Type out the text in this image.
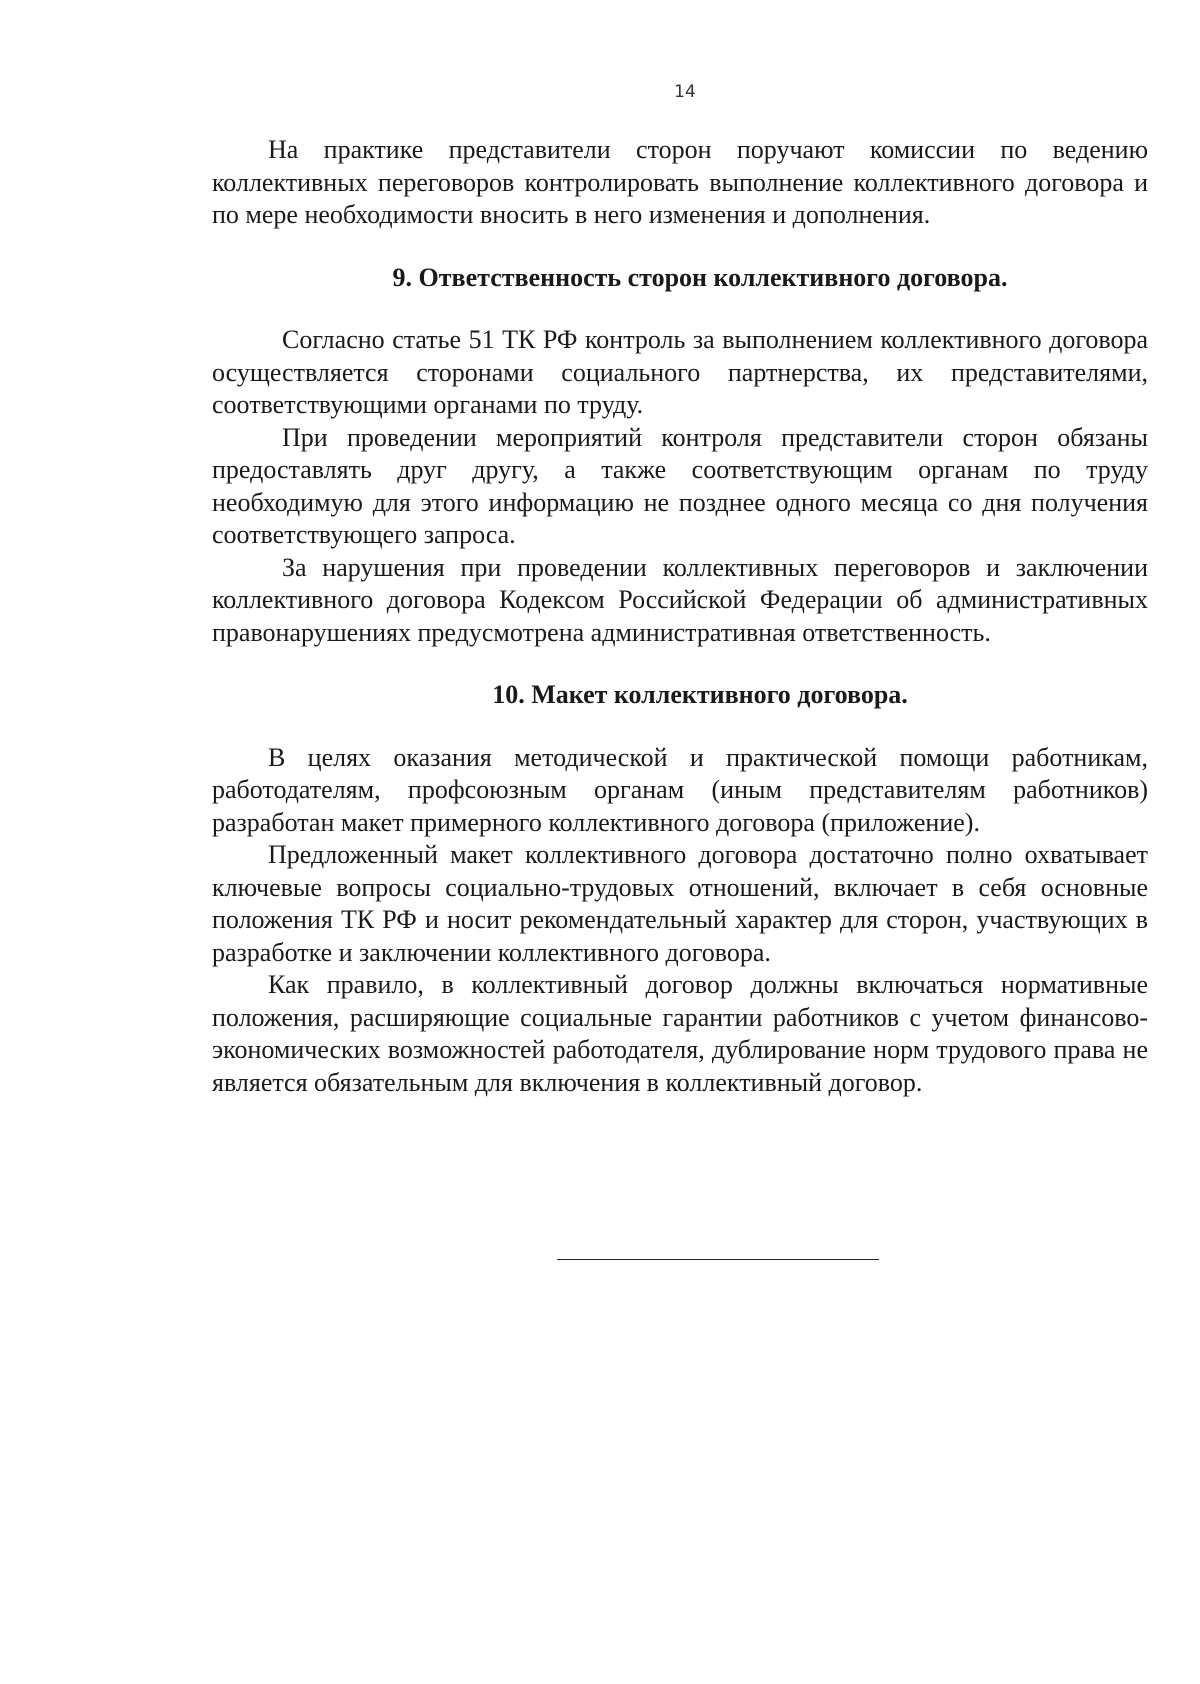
14

На практике представители сторон поручают комиссии по ведению коллективных переговоров контролировать выполнение коллективного договора и по мере необходимости вносить в него изменения и дополнения.

9. Ответственность сторон коллективного договора.

Согласно статье 51 ТК РФ контроль за выполнением коллективного договора осуществляется сторонами социального партнерства, их представителями, соответствующими органами по труду.

При проведении мероприятий контроля представители сторон обязаны предоставлять друг другу, а также соответствующим органам по труду необходимую для этого информацию не позднее одного месяца со дня получения соответствующего запроса.

За нарушения при проведении коллективных переговоров и заключении коллективного договора Кодексом Российской Федерации об административных правонарушениях предусмотрена административная ответственность.

10. Макет коллективного договора.

В целях оказания методической и практической помощи работникам, работодателям, профсоюзным органам (иным представителям работников) разработан макет примерного коллективного договора (приложение).

Предложенный макет коллективного договора достаточно полно охватывает ключевые вопросы социально-трудовых отношений, включает в себя основные положения ТК РФ и носит рекомендательный характер для сторон, участвующих в разработке и заключении коллективного договора.

Как правило, в коллективный договор должны включаться нормативные положения, расширяющие социальные гарантии работников с учетом финансово-экономических возможностей работодателя, дублирование норм трудового права не является обязательным для включения в коллективный договор.
